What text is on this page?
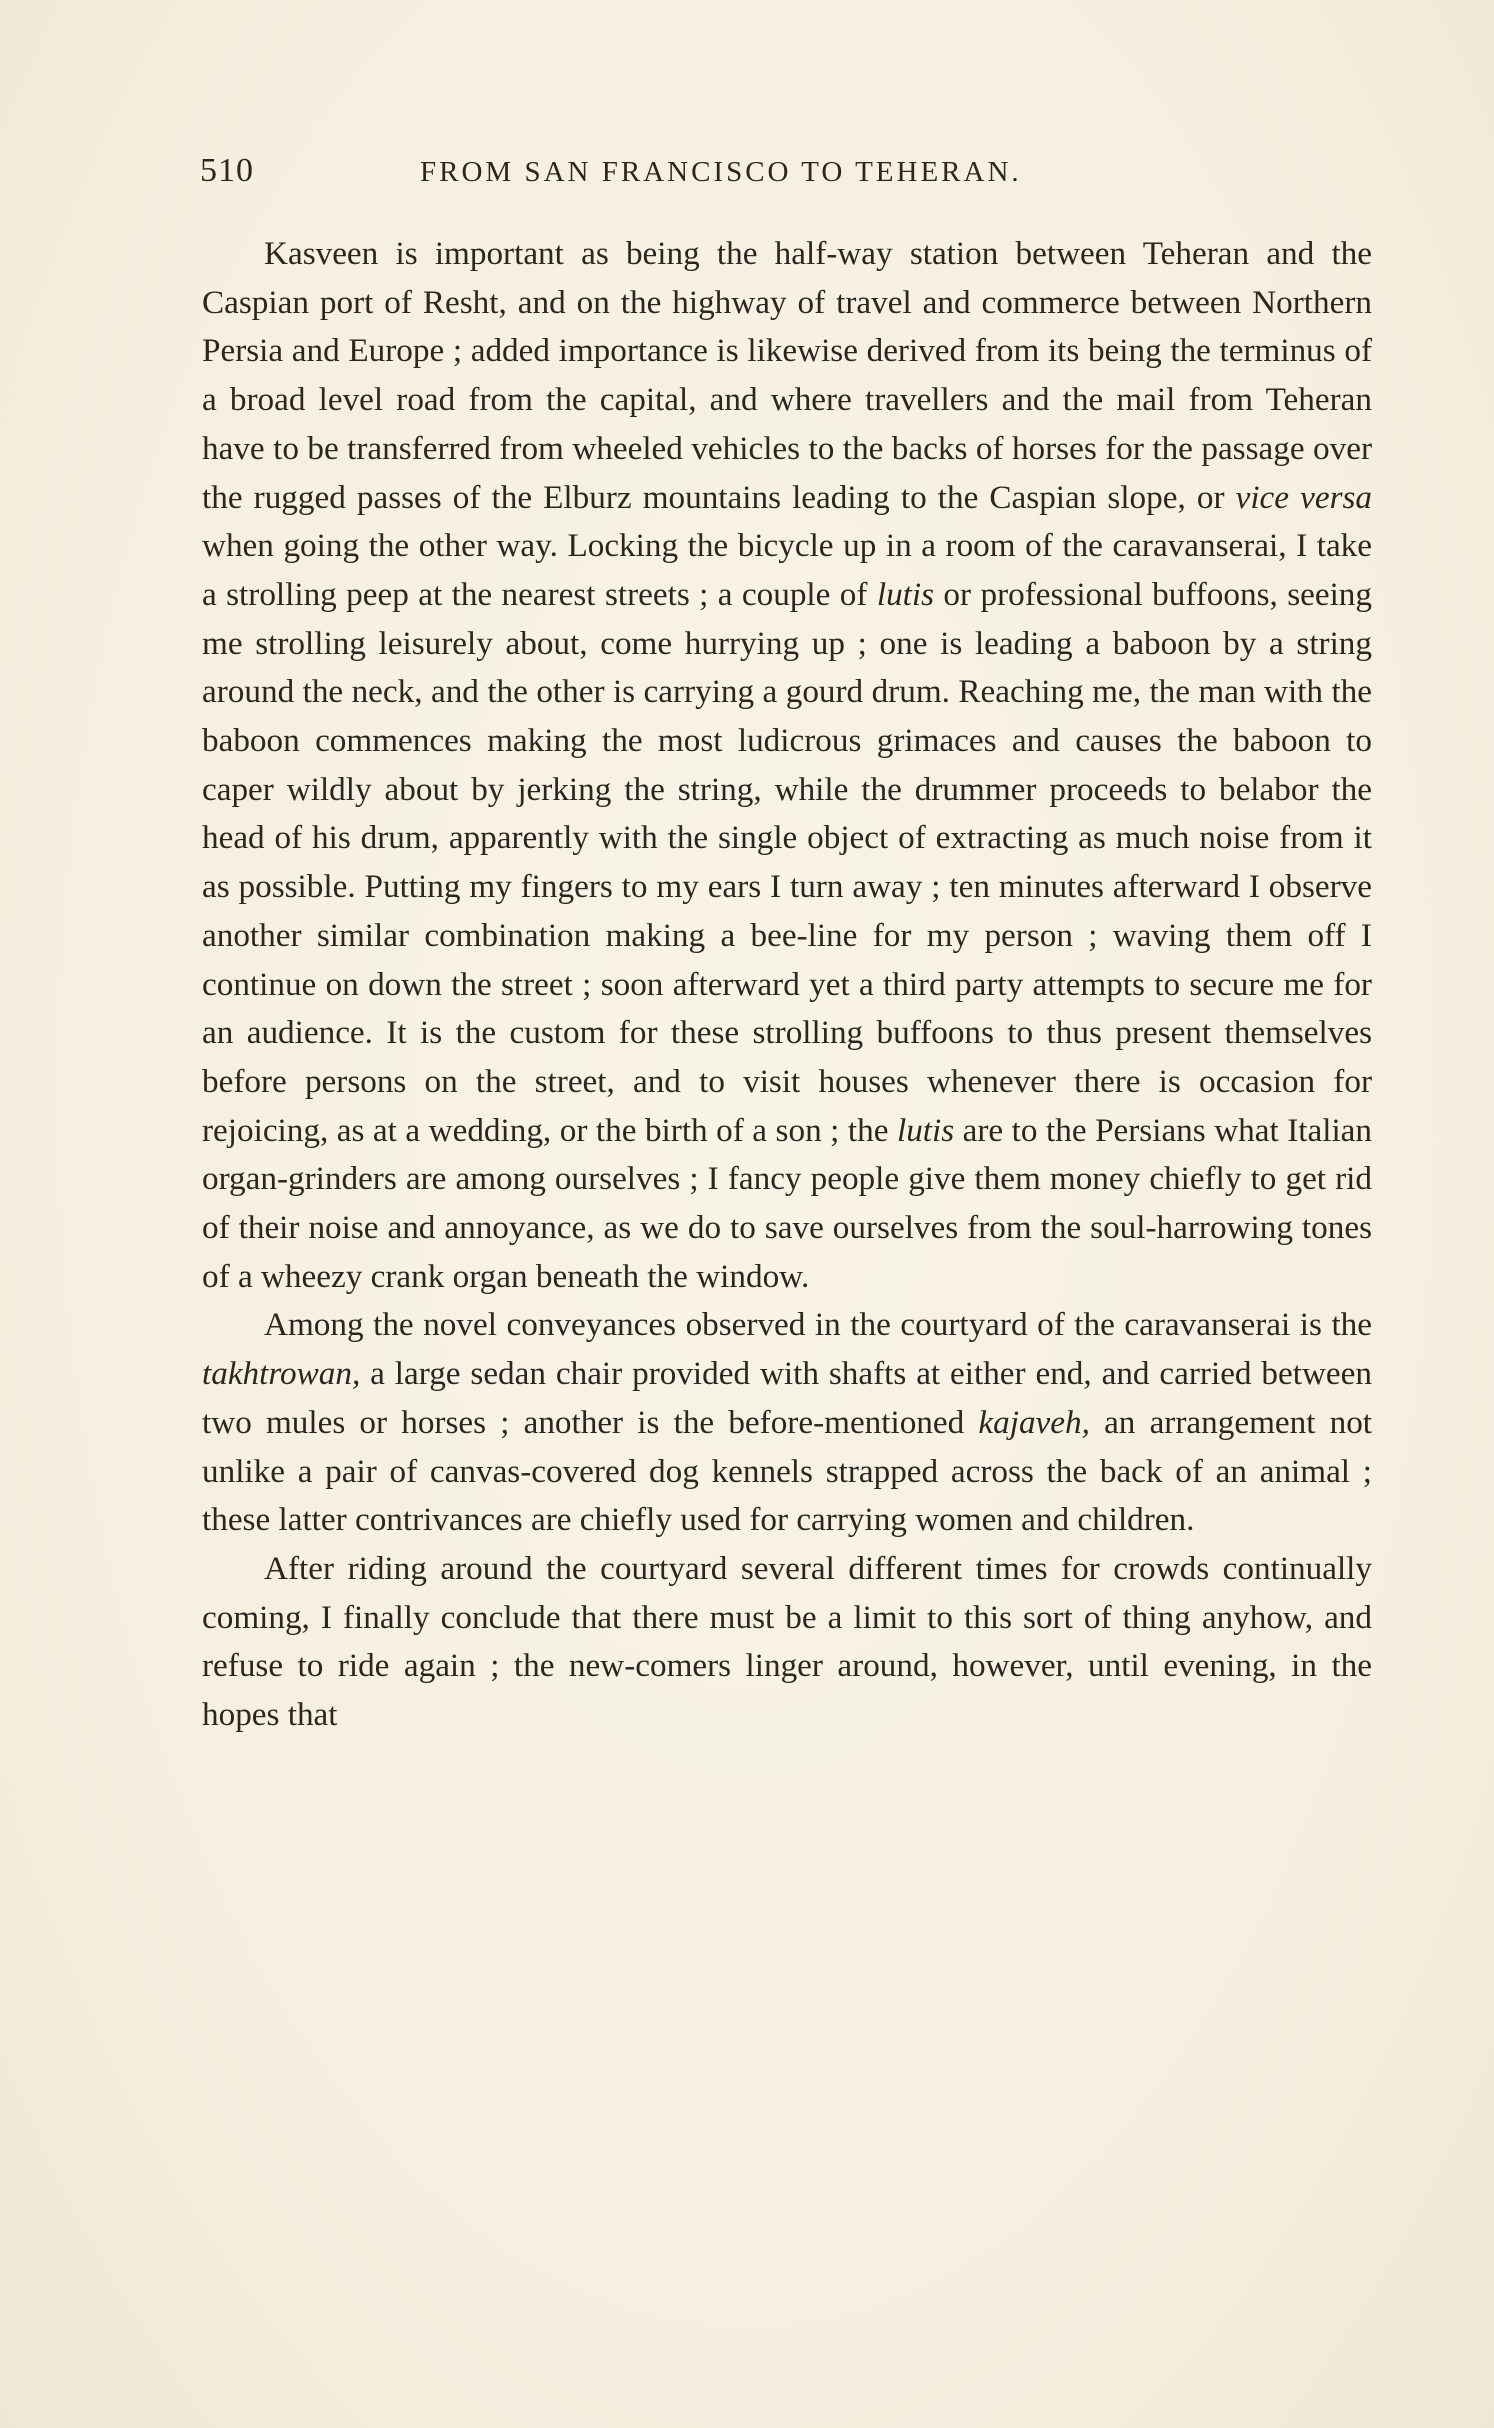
510	FROM SAN FRANCISCO TO TEHERAN.

Kasveen is important as being the half-way station between Teheran and the Caspian port of Resht, and on the highway of travel and commerce between Northern Persia and Europe ; added importance is likewise derived from its being the terminus of a broad level road from the capital, and where travellers and the mail from Teheran have to be transferred from wheeled vehicles to the backs of horses for the passage over the rugged passes of the Elburz mountains leading to the Caspian slope, or vice versa when going the other way. Locking the bicycle up in a room of the caravanserai, I take a strolling peep at the nearest streets ; a couple of lutis or professional buffoons, seeing me strolling leisurely about, come hurrying up ; one is leading a baboon by a string around the neck, and the other is carrying a gourd drum. Reaching me, the man with the baboon commences making the most ludicrous grimaces and causes the baboon to caper wildly about by jerking the string, while the drummer proceeds to belabor the head of his drum, apparently with the single object of extracting as much noise from it as possible. Putting my fingers to my ears I turn away ; ten minutes afterward I observe another similar combination making a bee-line for my person ; waving them off I continue on down the street ; soon afterward yet a third party attempts to secure me for an audience. It is the custom for these strolling buffoons to thus present themselves before persons on the street, and to visit houses whenever there is occasion for rejoicing, as at a wedding, or the birth of a son ; the lutis are to the Persians what Italian organ-grinders are among ourselves ; I fancy people give them money chiefly to get rid of their noise and annoyance, as we do to save ourselves from the soul-harrowing tones of a wheezy crank organ beneath the window.

Among the novel conveyances observed in the courtyard of the caravanserai is the takhtrowan, a large sedan chair provided with shafts at either end, and carried between two mules or horses ; another is the before-mentioned kajaveh, an arrangement not unlike a pair of canvas-covered dog kennels strapped across the back of an animal ; these latter contrivances are chiefly used for carrying women and children.

After riding around the courtyard several different times for crowds continually coming, I finally conclude that there must be a limit to this sort of thing anyhow, and refuse to ride again ; the new-comers linger around, however, until evening, in the hopes that
